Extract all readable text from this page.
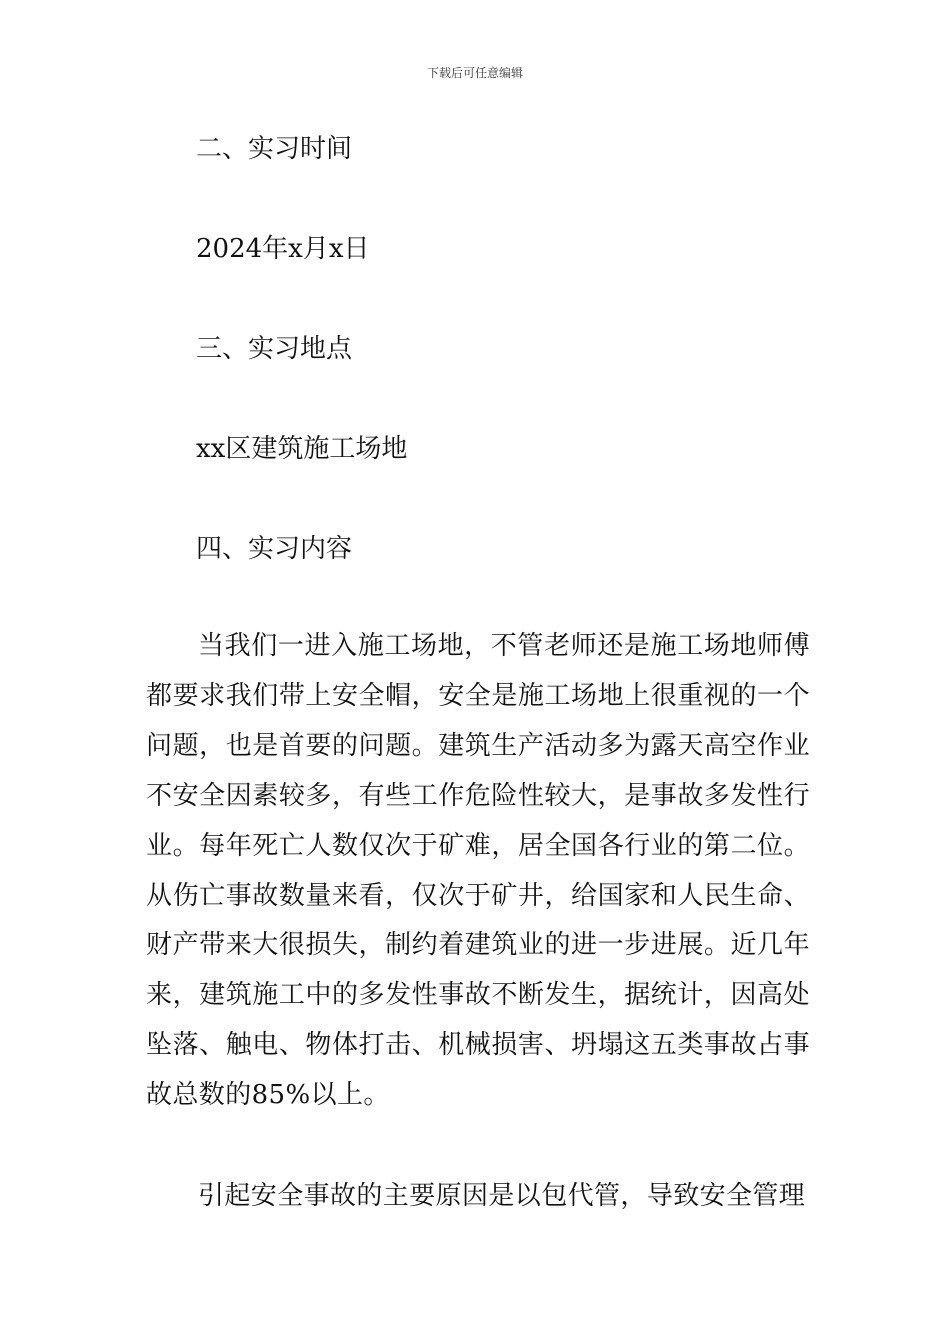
下载后可任意编辑
二、实习时间
2024年x月x日
三、实习地点
xx区建筑施工场地
四、实习内容

当我们一进入施工场地，不管老师还是施工场地师傅都要求我们带上安全帽，安全是施工场地上很重视的一个问题，也是首要的问题。建筑生产活动多为露天高空作业不安全因素较多，有些工作危险性较大，是事故多发性行业。每年死亡人数仅次于矿难，居全国各行业的第二位。从伤亡事故数量来看，仅次于矿井，给国家和人民生命、财产带来大很损失，制约着建筑业的进一步进展。近几年来，建筑施工中的多发性事故不断发生，据统计，因高处坠落、触电、物体打击、机械损害、坍塌这五类事故占事故总数的85%以上。

引起安全事故的主要原因是以包代管，导致安全管理
